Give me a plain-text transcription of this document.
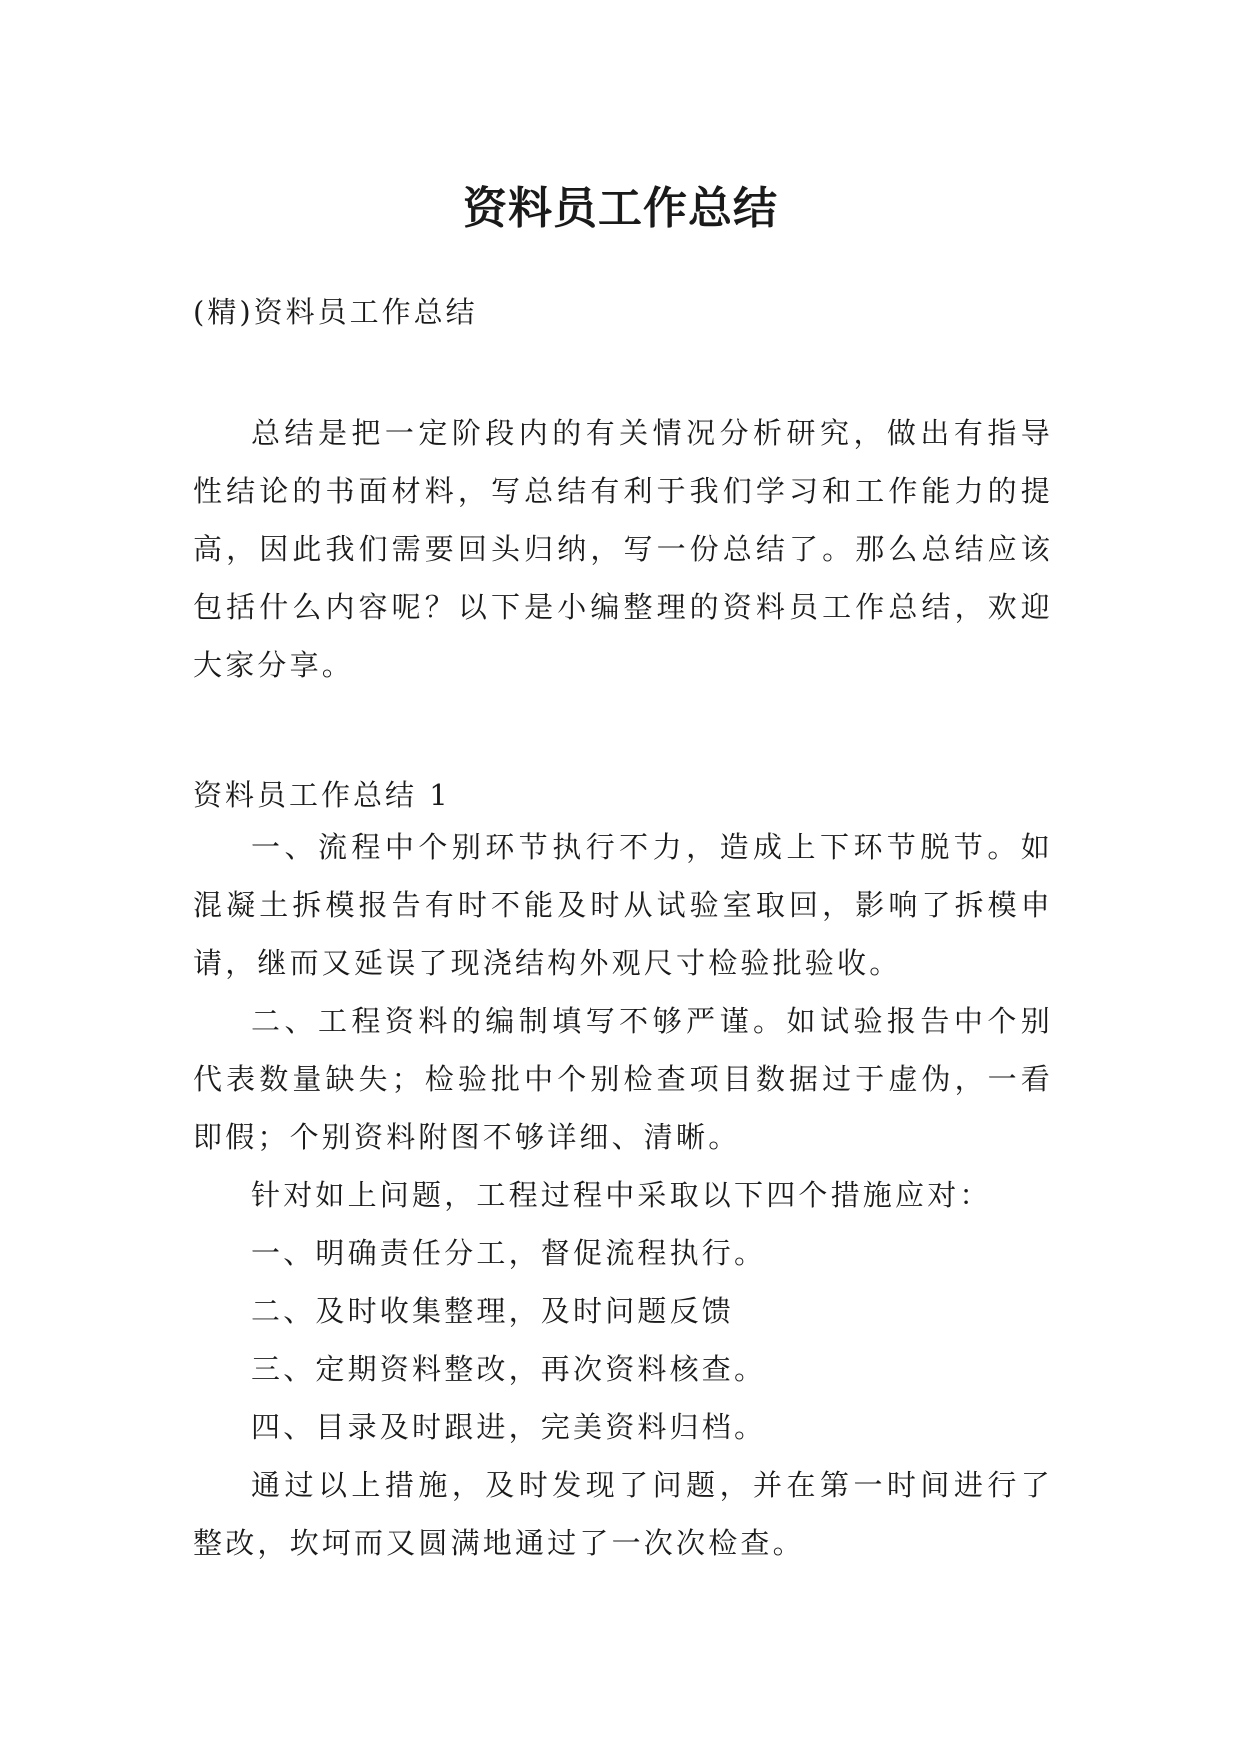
资料员工作总结
(精)资料员工作总结

总结是把一定阶段内的有关情况分析研究，做出有指导性结论的书面材料，写总结有利于我们学习和工作能力的提高，因此我们需要回头归纳，写一份总结了。那么总结应该包括什么内容呢？以下是小编整理的资料员工作总结，欢迎大家分享。

资料员工作总结 1

一、流程中个别环节执行不力，造成上下环节脱节。如混凝土拆模报告有时不能及时从试验室取回，影响了拆模申请，继而又延误了现浇结构外观尺寸检验批验收。

二、工程资料的编制填写不够严谨。如试验报告中个别代表数量缺失；检验批中个别检查项目数据过于虚伪，一看即假；个别资料附图不够详细、清晰。

针对如上问题，工程过程中采取以下四个措施应对：

一、明确责任分工，督促流程执行。

二、及时收集整理，及时问题反馈

三、定期资料整改，再次资料核查。

四、目录及时跟进，完美资料归档。

通过以上措施，及时发现了问题，并在第一时间进行了整改，坎坷而又圆满地通过了一次次检查。
